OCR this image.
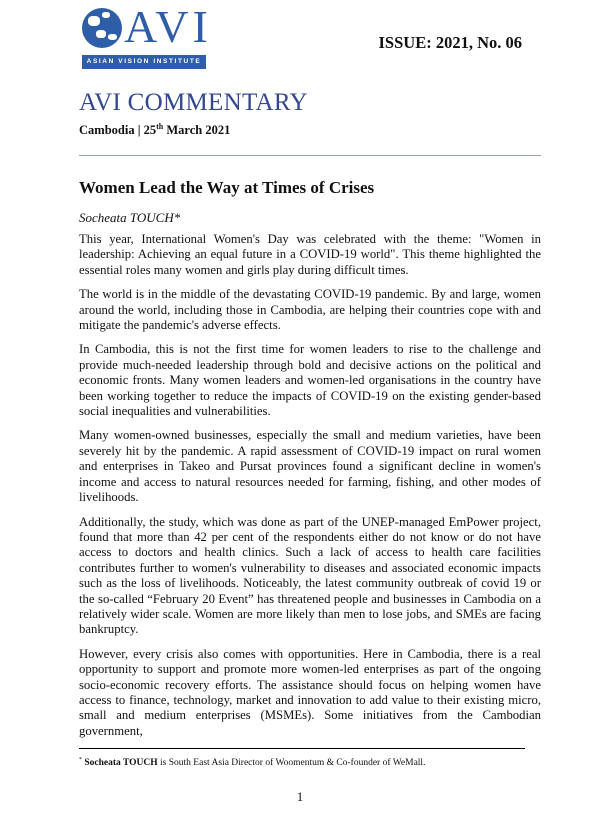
AVI
ASIAN VISION INSTITUTE
ISSUE: 2021, No. 06
AVI COMMENTARY
Cambodia | 25th March 2021
Women Lead the Way at Times of Crises
Socheata TOUCH*

This year, International Women's Day was celebrated with the theme: "Women in leadership: Achieving an equal future in a COVID-19 world". This theme highlighted the essential roles many women and girls play during difficult times.

The world is in the middle of the devastating COVID-19 pandemic. By and large, women around the world, including those in Cambodia, are helping their countries cope with and mitigate the pandemic's adverse effects.

In Cambodia, this is not the first time for women leaders to rise to the challenge and provide much-needed leadership through bold and decisive actions on the political and economic fronts. Many women leaders and women-led organisations in the country have been working together to reduce the impacts of COVID-19 on the existing gender-based social inequalities and vulnerabilities.

Many women-owned businesses, especially the small and medium varieties, have been severely hit by the pandemic. A rapid assessment of COVID-19 impact on rural women and enterprises in Takeo and Pursat provinces found a significant decline in women's income and access to natural resources needed for farming, fishing, and other modes of livelihoods.

Additionally, the study, which was done as part of the UNEP-managed EmPower project, found that more than 42 per cent of the respondents either do not know or do not have access to doctors and health clinics. Such a lack of access to health care facilities contributes further to women's vulnerability to diseases and associated economic impacts such as the loss of livelihoods. Noticeably, the latest community outbreak of covid 19 or the so-called “February 20 Event” has threatened people and businesses in Cambodia on a relatively wider scale. Women are more likely than men to lose jobs, and SMEs are facing bankruptcy.

However, every crisis also comes with opportunities. Here in Cambodia, there is a real opportunity to support and promote more women-led enterprises as part of the ongoing socio-economic recovery efforts. The assistance should focus on helping women have access to finance, technology, market and innovation to add value to their existing micro, small and medium enterprises (MSMEs). Some initiatives from the Cambodian government,

* Socheata TOUCH is South East Asia Director of Woomentum & Co-founder of WeMall.
1
